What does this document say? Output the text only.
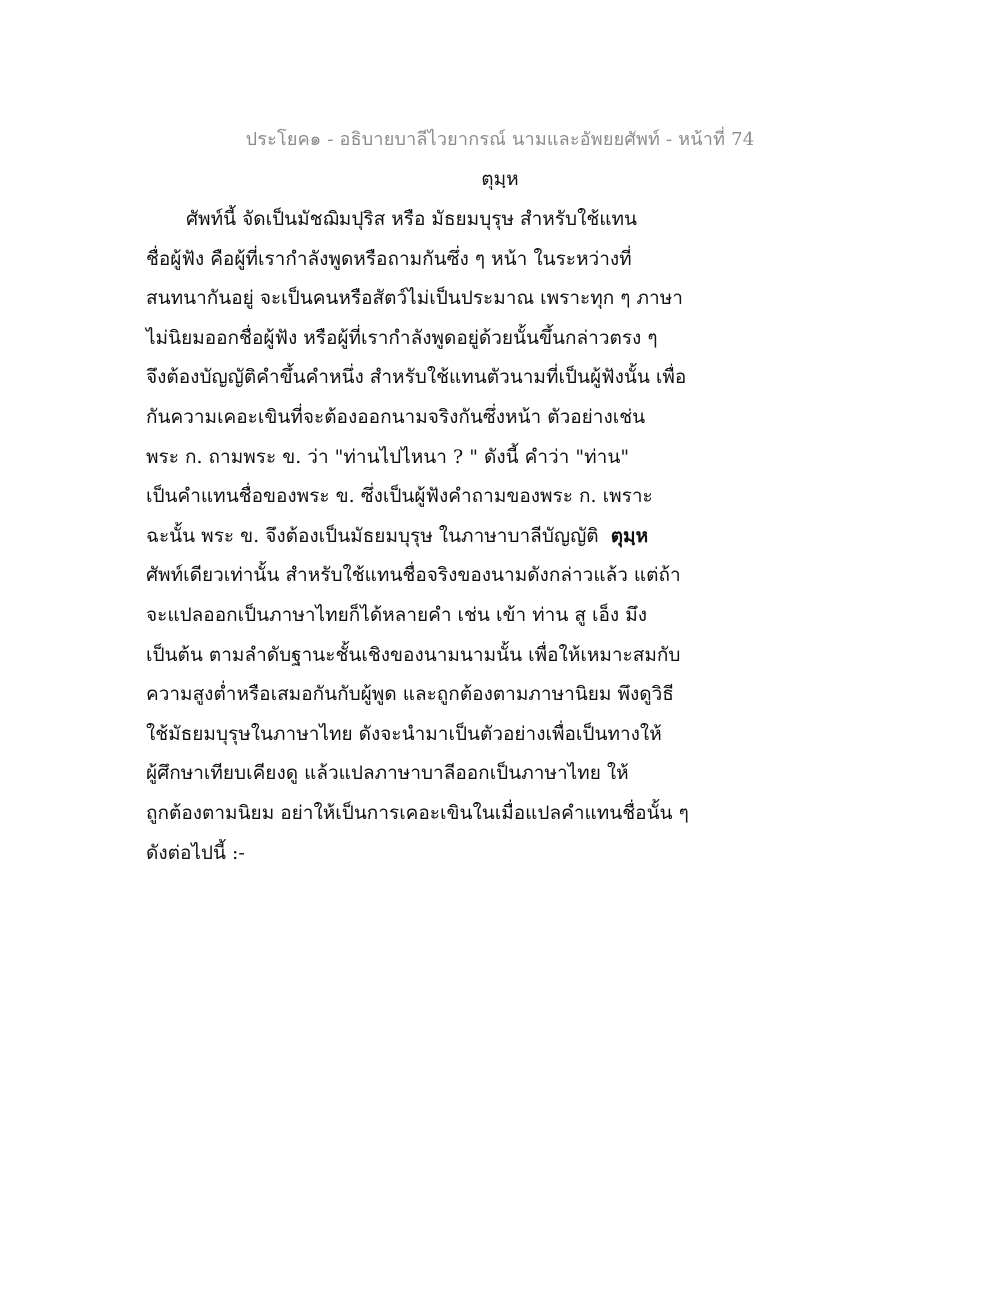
ประโยค๑ - อธิบายบาลีไวยากรณ์ นามและอัพยยศัพท์ - หน้าที่ 74
ตุมฺห
ศัพท์นี้ จัดเป็นมัชฌิมปุริส หรือ มัธยมบุรุษ สำหรับใช้แทน
ชื่อผู้ฟัง คือผู้ที่เรากำลังพูดหรือถามกันซึ่ง ๆ หน้า ในระหว่างที่
สนทนากันอยู่ จะเป็นคนหรือสัตว์ไม่เป็นประมาณ เพราะทุก ๆ ภาษา
ไม่นิยมออกชื่อผู้ฟัง หรือผู้ที่เรากำลังพูดอยู่ด้วยนั้นขึ้นกล่าวตรง ๆ
จึงต้องบัญญัติคำขึ้นคำหนึ่ง สำหรับใช้แทนตัวนามที่เป็นผู้ฟังนั้น เพื่อ
กันความเคอะเขินที่จะต้องออกนามจริงกันซึ่งหน้า ตัวอย่างเช่น
พระ ก. ถามพระ ข. ว่า "ท่านไปไหนา ? " ดังนี้ คำว่า "ท่าน"
เป็นคำแทนชื่อของพระ ข. ซึ่งเป็นผู้ฟังคำถามของพระ ก. เพราะ
ฉะนั้น พระ ข. จึงต้องเป็นมัธยมบุรุษ ในภาษาบาลีบัญญัติ ตุมฺห
ศัพท์เดียวเท่านั้น สำหรับใช้แทนชื่อจริงของนามดังกล่าวแล้ว แต่ถ้า
จะแปลออกเป็นภาษาไทยก็ได้หลายคำ เช่น เข้า ท่าน สู เอ็ง มึง
เป็นต้น ตามลำดับฐานะชั้นเชิงของนามนามนั้น เพื่อให้เหมาะสมกับ
ความสูงต่ำหรือเสมอกันกับผู้พูด และถูกต้องตามภาษานิยม พึงดูวิธี
ใช้มัธยมบุรุษในภาษาไทย ดังจะนำมาเป็นตัวอย่างเพื่อเป็นทางให้
ผู้ศึกษาเทียบเคียงดู แล้วแปลภาษาบาลีออกเป็นภาษาไทย ให้
ถูกต้องตามนิยม อย่าให้เป็นการเคอะเขินในเมื่อแปลคำแทนชื่อนั้น ๆ
ดังต่อไปนี้ :-
